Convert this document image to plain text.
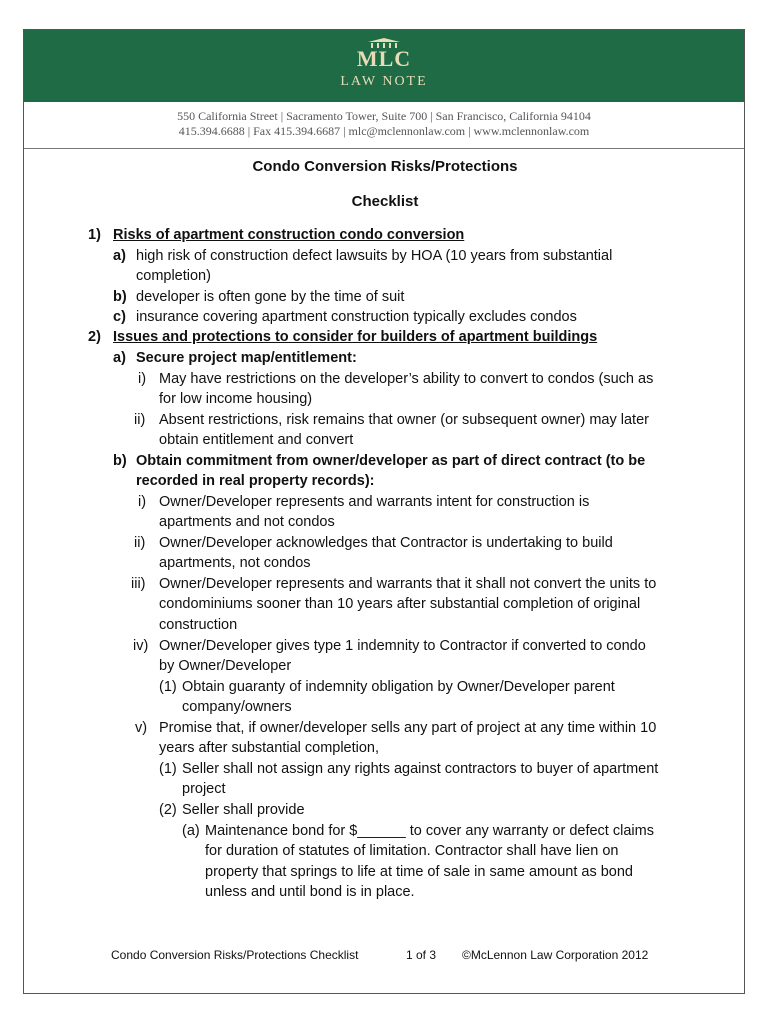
MLC
LAW NOTE
550 California Street | Sacramento Tower, Suite 700 | San Francisco, California 94104
415.394.6688 | Fax 415.394.6687 | mlc@mclennonlaw.com | www.mclennonlaw.com
Condo Conversion Risks/Protections
Checklist
1) Risks of apartment construction condo conversion
a) high risk of construction defect lawsuits by HOA (10 years from substantial
completion)
b) developer is often gone by the time of suit
c) insurance covering apartment construction typically excludes condos
2) Issues and protections to consider for builders of apartment buildings
a) Secure project map/entitlement:
i) May have restrictions on the developer’s ability to convert to condos (such as
for low income housing)
ii) Absent restrictions, risk remains that owner (or subsequent owner) may later
obtain entitlement and convert
b) Obtain commitment from owner/developer as part of direct contract (to be
recorded in real property records):
i) Owner/Developer represents and warrants intent for construction is
apartments and not condos
ii) Owner/Developer acknowledges that Contractor is undertaking to build
apartments, not condos
iii) Owner/Developer represents and warrants that it shall not convert the units to
condominiums sooner than 10 years after substantial completion of original
construction
iv) Owner/Developer gives type 1 indemnity to Contractor if converted to condo
by Owner/Developer
(1) Obtain guaranty of indemnity obligation by Owner/Developer parent
company/owners
v) Promise that, if owner/developer sells any part of project at any time within 10
years after substantial completion,
(1) Seller shall not assign any rights against contractors to buyer of apartment
project
(2) Seller shall provide
(a) Maintenance bond for $______ to cover any warranty or defect claims
for duration of statutes of limitation. Contractor shall have lien on
property that springs to life at time of sale in same amount as bond
unless and until bond is in place.
Condo Conversion Risks/Protections Checklist	1 of 3 ©McLennon Law Corporation 2012
